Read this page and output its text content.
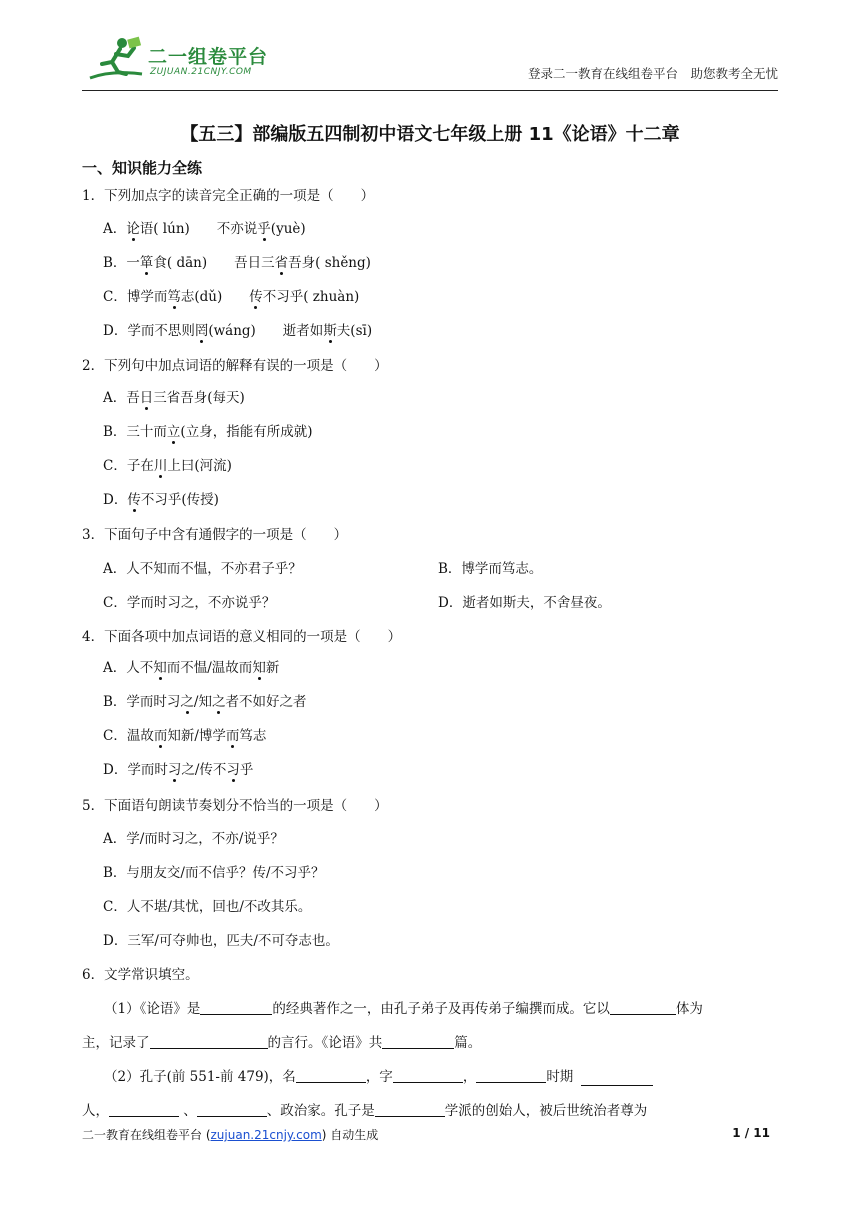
二一组卷平台
ZUJUAN.21CNJY.COM	登录二一教育在线组卷平台　助您教考全无忧
【五三】部编版五四制初中语文七年级上册 11《论语》十二章
一、知识能力全练
1．下列加点字的读音完全正确的一项是（　　）
A．论语( lún)　　不亦说乎(yuè)
B．一箪食( dān)　　吾日三省吾身( shěng)
C．博学而笃志(dǔ)　　传不习乎( zhuàn)
D．学而不思则罔(wáng)　　逝者如斯夫(sī)
2．下列句中加点词语的解释有误的一项是（　　）
A．吾日三省吾身(每天)
B．三十而立(立身，指能有所成就)
C．子在川上曰(河流)
D．传不习乎(传授)
3．下面句子中含有通假字的一项是（　　）
A．人不知而不愠，不亦君子乎？	B．博学而笃志。
C．学而时习之，不亦说乎？	D．逝者如斯夫，不舍昼夜。
4．下面各项中加点词语的意义相同的一项是（　　）
A．人不知而不愠/温故而知新
B．学而时习之/知之者不如好之者
C．温故而知新/博学而笃志
D．学而时习之/传不习乎
5．下面语句朗读节奏划分不恰当的一项是（　　）
A．学/而时习之，不亦/说乎？
B．与朋友交/而不信乎？传/不习乎？
C．人不堪/其忧，回也/不改其乐。
D．三军/可夺帅也，匹夫/不可夺志也。
6．文学常识填空。
（1）《论语》是	的经典著作之一，由孔子弟子及再传弟子编撰而成。它以	体为
主，记录了	的言行。《论语》共	篇。
（2）孔子(前 551-前 479)，名	，字	，	时期
人，	、	、政治家。孔子是	学派的创始人，被后世统治者尊为
二一教育在线组卷平台 (zujuan.21cnjy.com) 自动生成	1 / 11
